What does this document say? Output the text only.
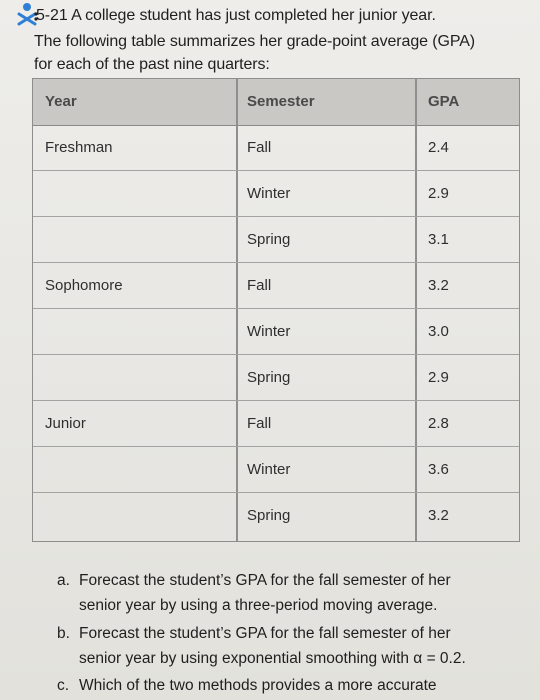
5-21 A college student has just completed her junior year.
The following table summarizes her grade-point average (GPA)
for each of the past nine quarters:
Year	Semester	GPA
Freshman	Fall	2.4
Winter	2.9
Spring	3.1
Sophomore	Fall	3.2
Winter	3.0
Spring	2.9
Junior	Fall	2.8
Winter	3.6
Spring	3.2
a. Forecast the student’s GPA for the fall semester of her
senior year by using a three-period moving average.
b. Forecast the student’s GPA for the fall semester of her
senior year by using exponential smoothing with α = 0.2.
c. Which of the two methods provides a more accurate
